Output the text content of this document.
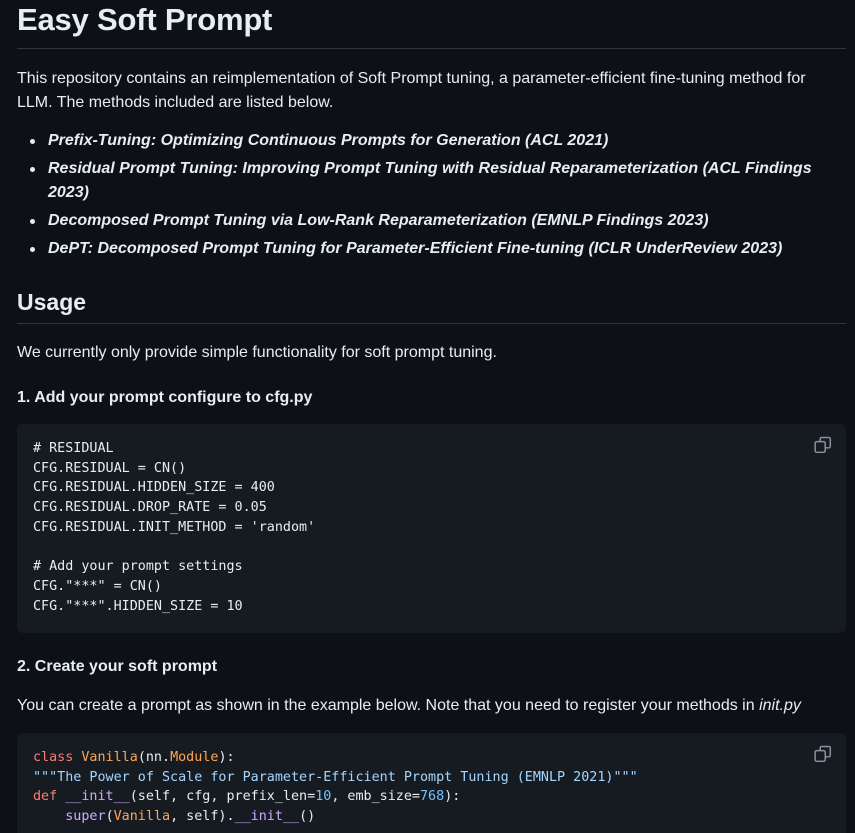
Easy Soft Prompt
This repository contains an reimplementation of Soft Prompt tuning, a parameter-efficient fine-tuning method for LLM. The methods included are listed below.
Prefix-Tuning: Optimizing Continuous Prompts for Generation (ACL 2021)
Residual Prompt Tuning: Improving Prompt Tuning with Residual Reparameterization (ACL Findings 2023)
Decomposed Prompt Tuning via Low-Rank Reparameterization (EMNLP Findings 2023)
DePT: Decomposed Prompt Tuning for Parameter-Efficient Fine-tuning (ICLR UnderReview 2023)
Usage
We currently only provide simple functionality for soft prompt tuning.
1. Add your prompt configure to cfg.py
# RESIDUAL
CFG.RESIDUAL = CN()
CFG.RESIDUAL.HIDDEN_SIZE = 400
CFG.RESIDUAL.DROP_RATE = 0.05
CFG.RESIDUAL.INIT_METHOD = 'random'

# Add your prompt settings
CFG."***" = CN()
CFG."***".HIDDEN_SIZE = 10
2. Create your soft prompt
You can create a prompt as shown in the example below. Note that you need to register your methods in init.py
class Vanilla(nn.Module):
"""The Power of Scale for Parameter-Efficient Prompt Tuning (EMNLP 2021)"""
def __init__(self, cfg, prefix_len=10, emb_size=768):
super(Vanilla, self).__init__()
